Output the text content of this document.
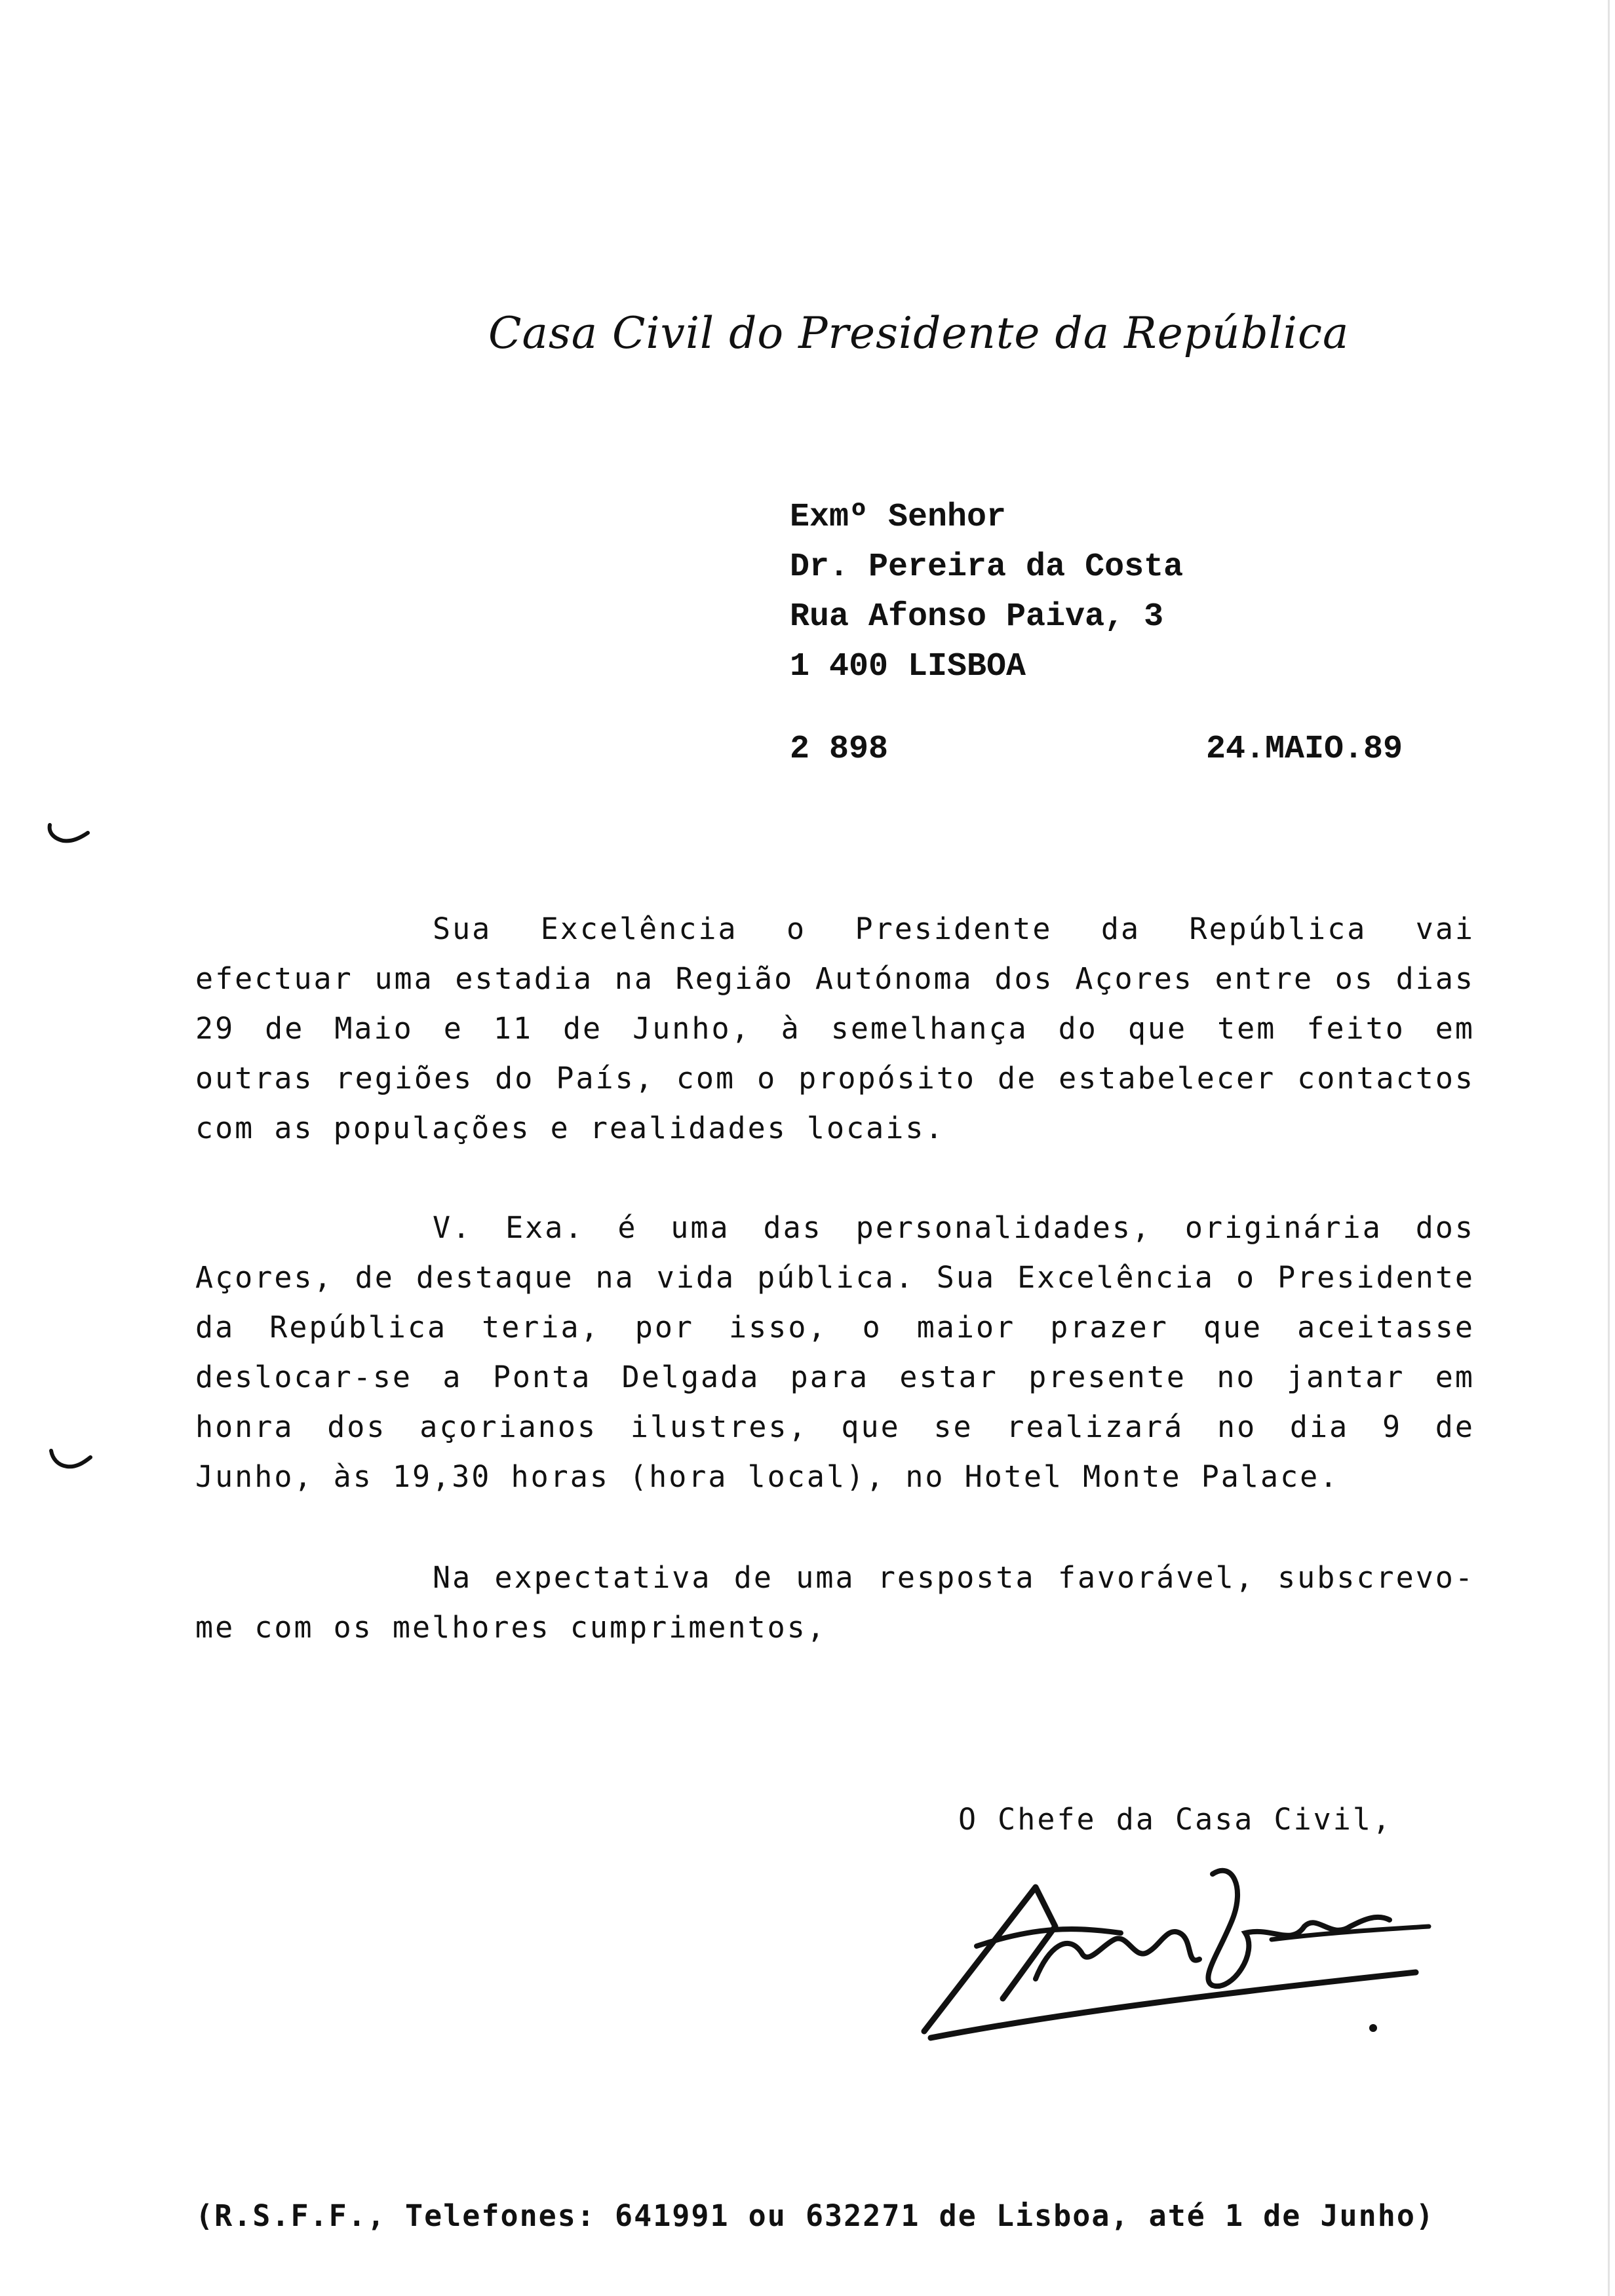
Casa Civil do Presidente da República
Exmº Senhor
Dr. Pereira da Costa
Rua Afonso Paiva, 3
1 400 LISBOA
2 898	24.MAIO.89
Sua Excelência o Presidente da República vai efectuar uma estadia na Região Autónoma dos Açores entre os dias 29 de Maio e 11 de Junho, à semelhança do que tem feito em outras regiões do País, com o propósito de estabelecer contactos com as populações e realidades locais.
V. Exa. é uma das personalidades, originária dos Açores, de destaque na vida pública. Sua Excelência o Presidente da República teria, por isso, o maior prazer que aceitasse deslocar-se a Ponta Delgada para estar presente no jantar em honra dos açorianos ilustres, que se realizará no dia 9 de Junho, às 19,30 horas (hora local), no Hotel Monte Palace.
Na expectativa de uma resposta favorável, subscrevo-me com os melhores cumprimentos,
O Chefe da Casa Civil,
(R.S.F.F., Telefones: 641991 ou 632271 de Lisboa, até 1 de Junho)
